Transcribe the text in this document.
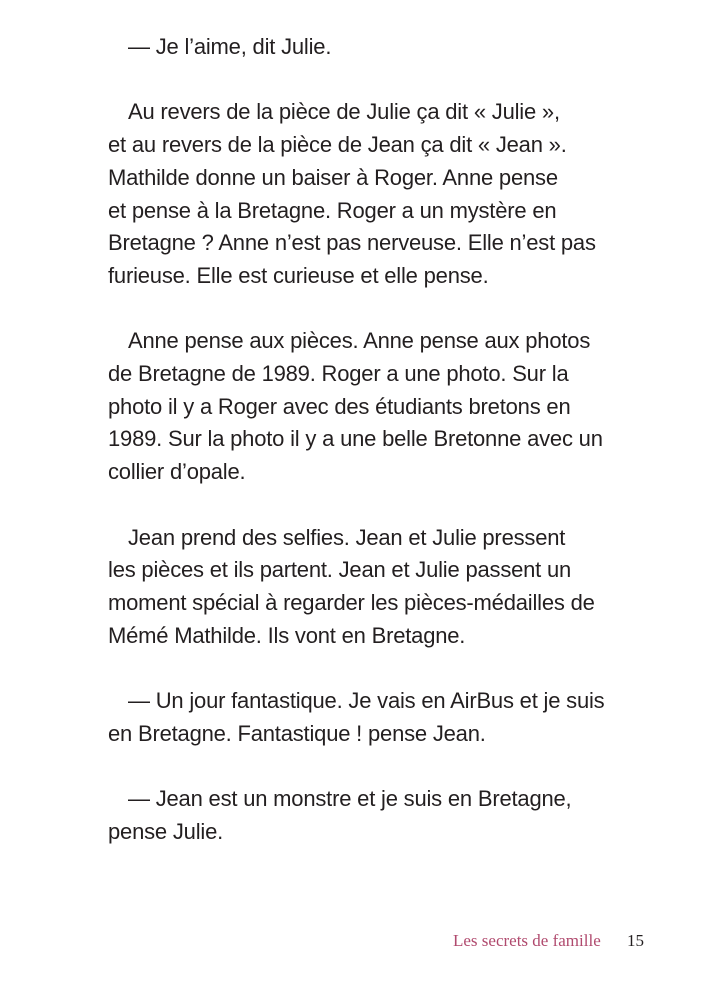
— Je l’aime, dit Julie.

Au revers de la pièce de Julie ça dit « Julie »,
et au revers de la pièce de Jean ça dit « Jean ».
Mathilde donne un baiser à Roger. Anne pense
et pense à la Bretagne. Roger a un mystère en
Bretagne ? Anne n’est pas nerveuse. Elle n’est pas
furieuse. Elle est curieuse et elle pense.

Anne pense aux pièces. Anne pense aux photos
de Bretagne de 1989. Roger a une photo. Sur la
photo il y a Roger avec des étudiants bretons en
1989. Sur la photo il y a une belle Bretonne avec un
collier d’opale.

Jean prend des selfies. Jean et Julie pressent
les pièces et ils partent. Jean et Julie passent un
moment spécial à regarder les pièces-médailles de
Mémé Mathilde. Ils vont en Bretagne.

— Un jour fantastique. Je vais en AirBus et je suis
en Bretagne. Fantastique ! pense Jean.

— Jean est un monstre et je suis en Bretagne,
pense Julie.

Les secrets de famille 15
